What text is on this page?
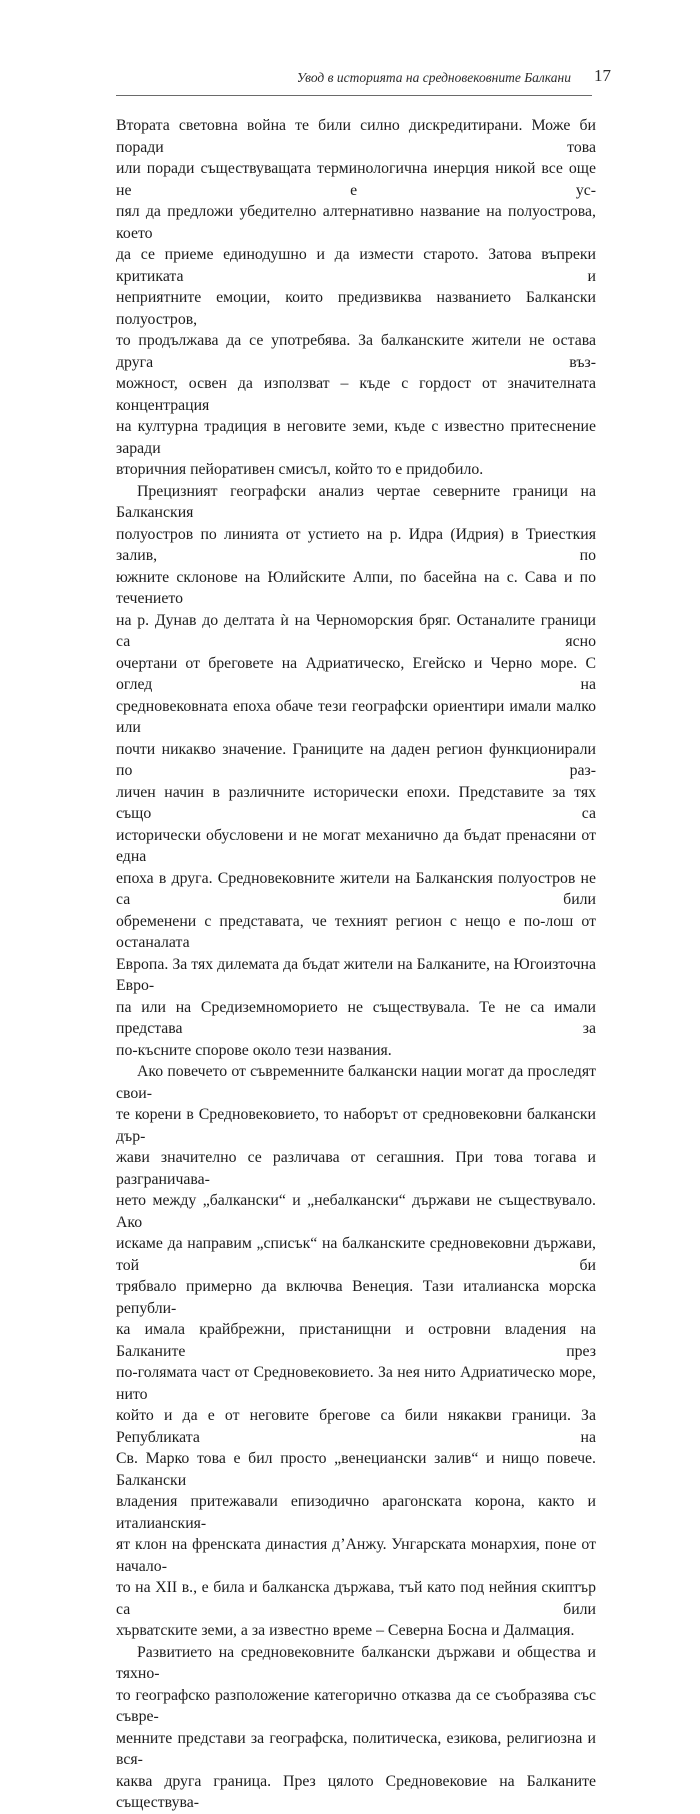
Увод в историята на средновековните Балкани 17

Втората световна война те били силно дискредитирани. Може би поради това

или поради съществуващата терминологична инерция никой все още не е ус-

пял да предложи убедително алтернативно название на полуострова, което

да се приеме единодушно и да измести старото. Затова въпреки критиката и

неприятните емоции, които предизвиква названието Балкански полуостров,

то продължава да се употребява. За балканските жители не остава друга въз-

можност, освен да използват – къде с гордост от значителната концентрация

на културна традиция в неговите земи, къде с известно притеснение заради

вторичния пейоративен смисъл, който то е придобило.

Прецизният географски анализ чертае северните граници на Балканския

полуостров по линията от устието на р. Идра (Идрия) в Триесткия залив, по

южните склонове на Юлийските Алпи, по басейна на с. Сава и по течението

на р. Дунав до делтата ѝ на Черноморския бряг. Останалите граници са ясно

очертани от бреговете на Адриатическо, Егейско и Черно море. С оглед на

средновековната епоха обаче тези географски ориентири имали малко или

почти никакво значение. Границите на даден регион функционирали по раз-

личен начин в различните исторически епохи. Представите за тях също са

исторически обусловени и не могат механично да бъдат пренасяни от една

епоха в друга. Средновековните жители на Балканския полуостров не са били

обременени с представата, че техният регион с нещо е по-лош от останалата

Европа. За тях дилемата да бъдат жители на Балканите, на Югоизточна Евро-

па или на Средиземноморието не съществувала. Те не са имали представа за

по-късните спорове около тези названия.

Ако повечето от съвременните балкански нации могат да проследят свои-

те корени в Средновековието, то наборът от средновековни балкански дър-

жави значително се различава от сегашния. При това тогава и разграничава-

нето между „балкански“ и „небалкански“ държави не съществувало. Ако

искаме да направим „списък“ на балканските средновековни държави, той би

трябвало примерно да включва Венеция. Тази италианска морска републи-

ка имала крайбрежни, пристанищни и островни владения на Балканите през

по-голямата част от Средновековието. За нея нито Адриатическо море, нито

който и да е от неговите брегове са били някакви граници. За Републиката на

Св. Марко това е бил просто „венециански залив“ и нищо повече. Балкански

владения притежавали епизодично арагонската корона, както и италианския-

ят клон на френската династия д’Анжу. Унгарската монархия, поне от начало-

то на XII в., е била и балканска държава, тъй като под нейния скиптър са били

хърватските земи, а за известно време – Северна Босна и Далмация.

Развитието на средновековните балкански държави и общества и тяхно-

то географско разположение категорично отказва да се съобразява със съвре-

менните представи за географска, политическа, езикова, религиозна и вся-

каква друга граница. През цялото Средновековие на Балканите съществува-
